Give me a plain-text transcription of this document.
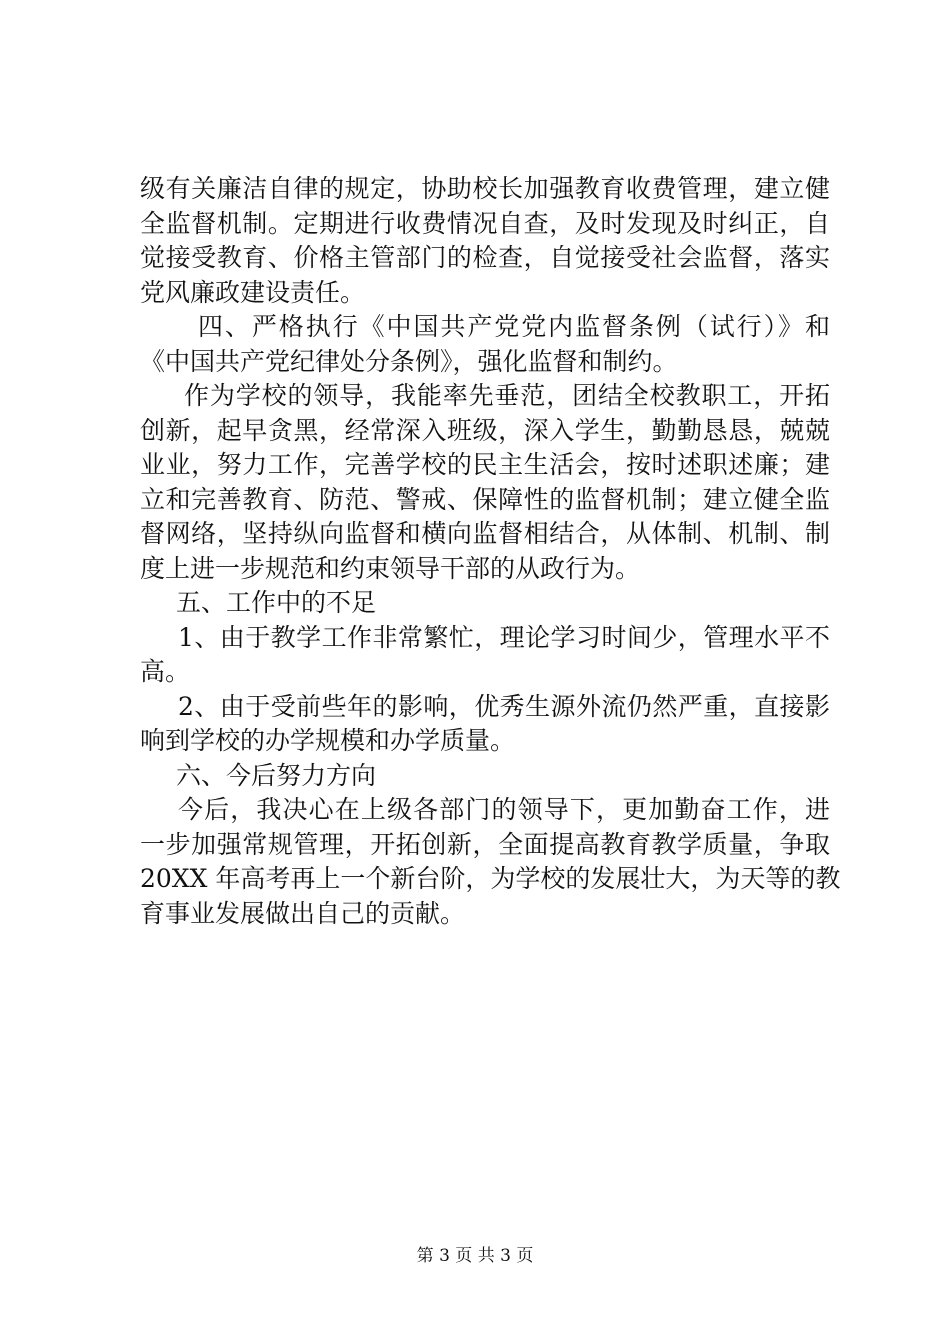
级有关廉洁自律的规定，协助校长加强教育收费管理，建立健
全监督机制。定期进行收费情况自查，及时发现及时纠正，自
觉接受教育、价格主管部门的检查，自觉接受社会监督，落实
党风廉政建设责任。
四、严格执行《中国共产党党内监督条例（试行）》和
《中国共产党纪律处分条例》，强化监督和制约。
作为学校的领导，我能率先垂范，团结全校教职工，开拓
创新，起早贪黑，经常深入班级，深入学生，勤勤恳恳，兢兢
业业，努力工作，完善学校的民主生活会，按时述职述廉；建
立和完善教育、防范、警戒、保障性的监督机制；建立健全监
督网络，坚持纵向监督和横向监督相结合，从体制、机制、制
度上进一步规范和约束领导干部的从政行为。
五、工作中的不足
1、由于教学工作非常繁忙，理论学习时间少，管理水平不
高。
2、由于受前些年的影响，优秀生源外流仍然严重，直接影
响到学校的办学规模和办学质量。
六、今后努力方向
今后，我决心在上级各部门的领导下，更加勤奋工作，进
一步加强常规管理，开拓创新，全面提高教育教学质量，争取
20XX 年高考再上一个新台阶，为学校的发展壮大，为天等的教
育事业发展做出自己的贡献。
第 3 页 共 3 页
